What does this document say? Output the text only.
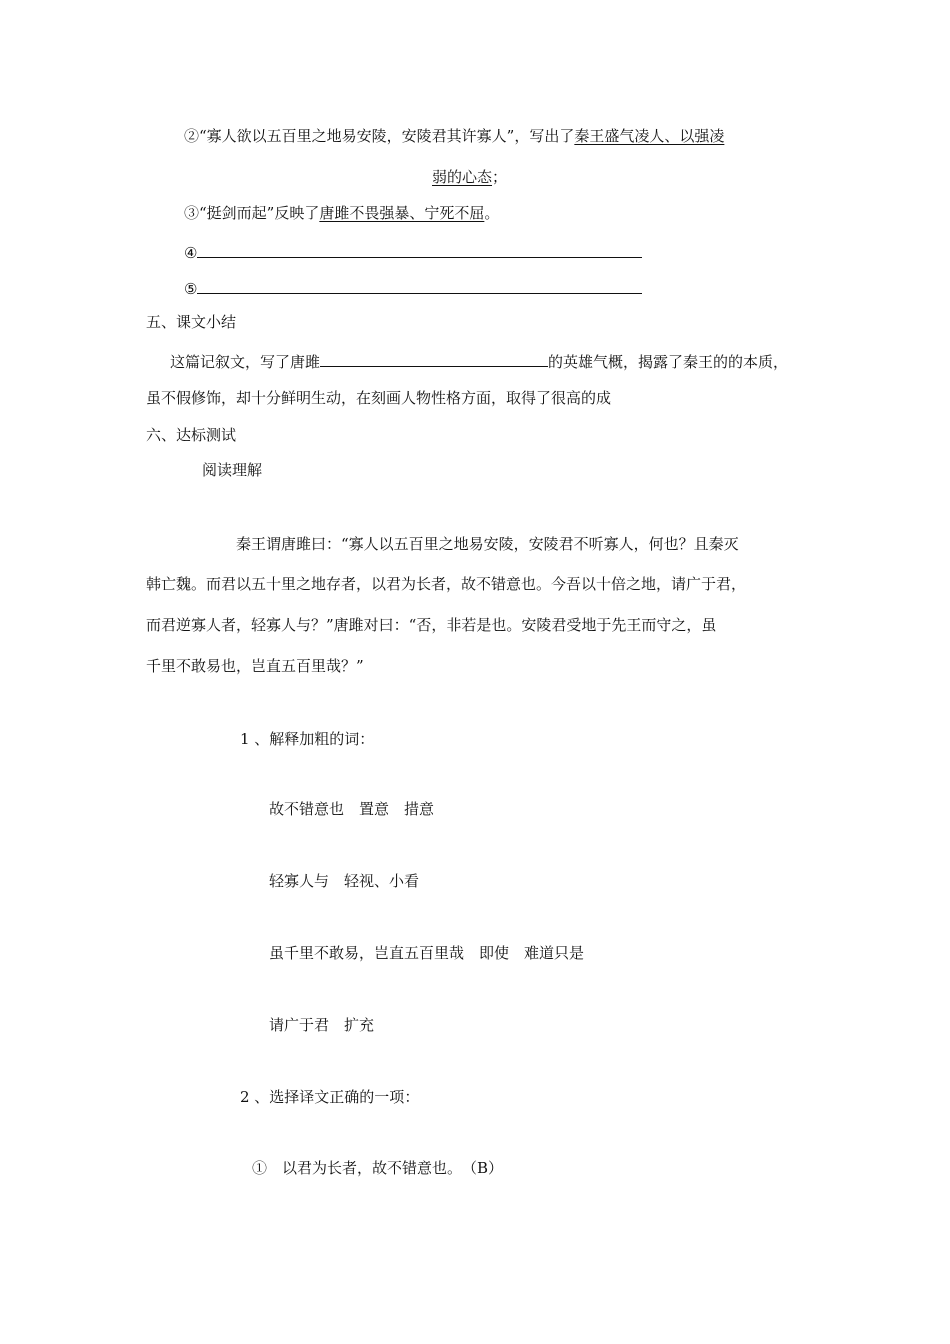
②“寡人欲以五百里之地易安陵，安陵君其许寡人”，写出了秦王盛气凌人、以强凌
弱的心态；
③“挺剑而起”反映了唐雎不畏强暴、宁死不屈。
④
⑤
五、课文小结
这篇记叙文，写了唐雎	的英雄气概，揭露了秦王的的本质，
虽不假修饰，却十分鲜明生动，在刻画人物性格方面，取得了很高的成
六、达标测试
阅读理解
秦王谓唐雎曰：“寡人以五百里之地易安陵，安陵君不听寡人，何也？且秦灭
韩亡魏。而君以五十里之地存者，以君为长者，故不错意也。今吾以十倍之地，请广于君，
而君逆寡人者，轻寡人与？”唐雎对曰：“否，非若是也。安陵君受地于先王而守之，虽
千里不敢易也，岂直五百里哉？”
1 、解释加粗的词：
故不错意也　置意　措意
轻寡人与　轻视、小看
虽千里不敢易，岂直五百里哉　即使　难道只是
请广于君　扩充
2 、选择译文正确的一项：
①　以君为长者，故不错意也。　（B）
